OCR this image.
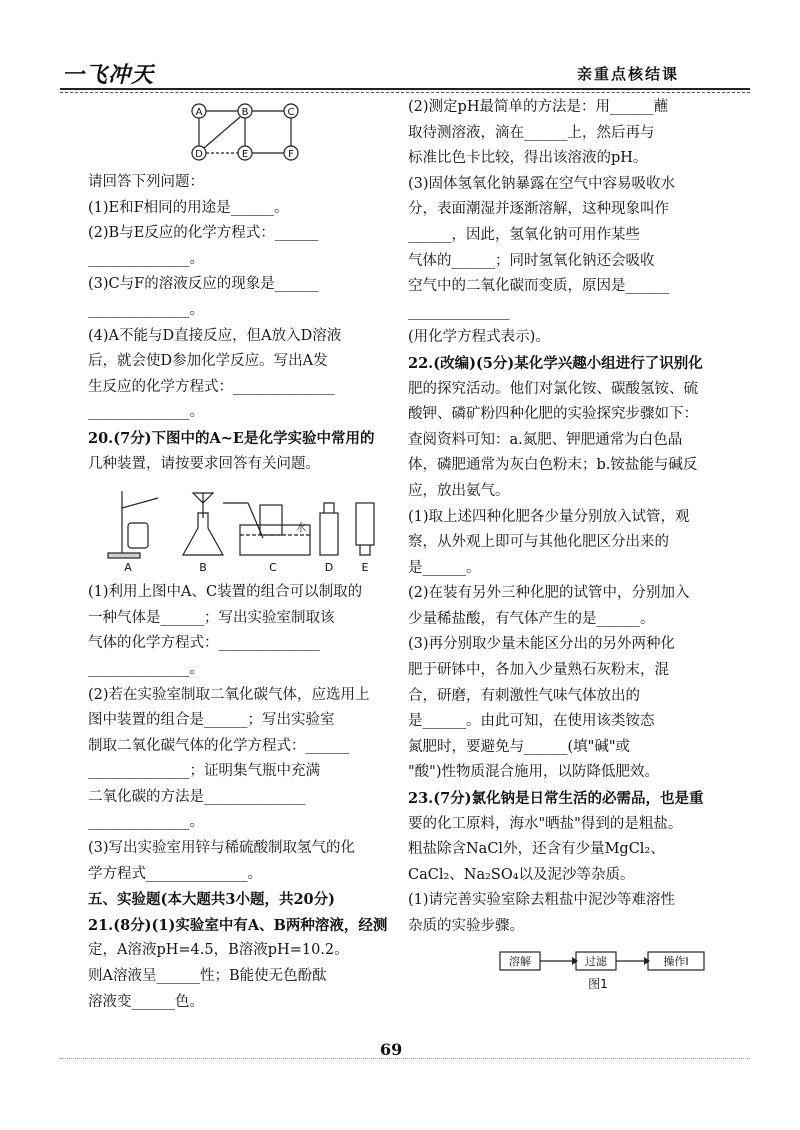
一飞冲天	亲重点核结课
A	B	C
D	E	F

请回答下列问题：

(1)E和F相同的用途是______。

(2)B与E反应的化学方程式：______

______________。

(3)C与F的溶液反应的现象是______

______________。

(4)A不能与D直接反应，但A放入D溶液

后，就会使D参加化学反应。写出A发

生反应的化学方程式：______________

______________。

20.(7分)下图中的A~E是化学实验中常用的

几种装置，请按要求回答有关问题。

A	B	C	D	E
水

(1)利用上图中A、C装置的组合可以制取的

一种气体是______；写出实验室制取该

气体的化学方程式：______________

______________。

(2)若在实验室制取二氧化碳气体，应选用上

图中装置的组合是______；写出实验室

制取二氧化碳气体的化学方程式：______

______________；证明集气瓶中充满

二氧化碳的方法是______________

______________。

(3)写出实验室用锌与稀硫酸制取氢气的化

学方程式______________。

五、实验题(本大题共3小题，共20分)

21.(8分)(1)实验室中有A、B两种溶液，经测

定，A溶液pH=4.5，B溶液pH=10.2。

则A溶液呈______性；B能使无色酚酞

溶液变______色。

(2)测定pH最简单的方法是：用______蘸

取待测溶液，滴在______上，然后再与

标准比色卡比较，得出该溶液的pH。

(3)固体氢氧化钠暴露在空气中容易吸收水

分，表面潮湿并逐渐溶解，这种现象叫作

______，因此，氢氧化钠可用作某些

气体的______；同时氢氧化钠还会吸收

空气中的二氧化碳而变质，原因是______

______________

(用化学方程式表示)。

22.(改编)(5分)某化学兴趣小组进行了识别化

肥的探究活动。他们对氯化铵、碳酸氢铵、硫

酸钾、磷矿粉四种化肥的实验探究步骤如下：

查阅资料可知：a.氮肥、钾肥通常为白色晶

体，磷肥通常为灰白色粉末；b.铵盐能与碱反

应，放出氨气。

(1)取上述四种化肥各少量分别放入试管，观

察，从外观上即可与其他化肥区分出来的

是______。

(2)在装有另外三种化肥的试管中，分别加入

少量稀盐酸，有气体产生的是______。

(3)再分别取少量未能区分出的另外两种化

肥于研钵中，各加入少量熟石灰粉末，混

合，研磨，有刺激性气味气体放出的

是______。由此可知，在使用该类铵态

氮肥时，要避免与______(填"碱"或

"酸")性物质混合施用，以防降低肥效。

23.(7分)氯化钠是日常生活的必需品，也是重

要的化工原料，海水"晒盐"得到的是粗盐。

粗盐除含NaCl外，还含有少量MgCl₂、

CaCl₂、Na₂SO₄以及泥沙等杂质。

(1)请完善实验室除去粗盐中泥沙等难溶性

杂质的实验步骤。

溶解	过滤	操作Ⅰ
图1
69
